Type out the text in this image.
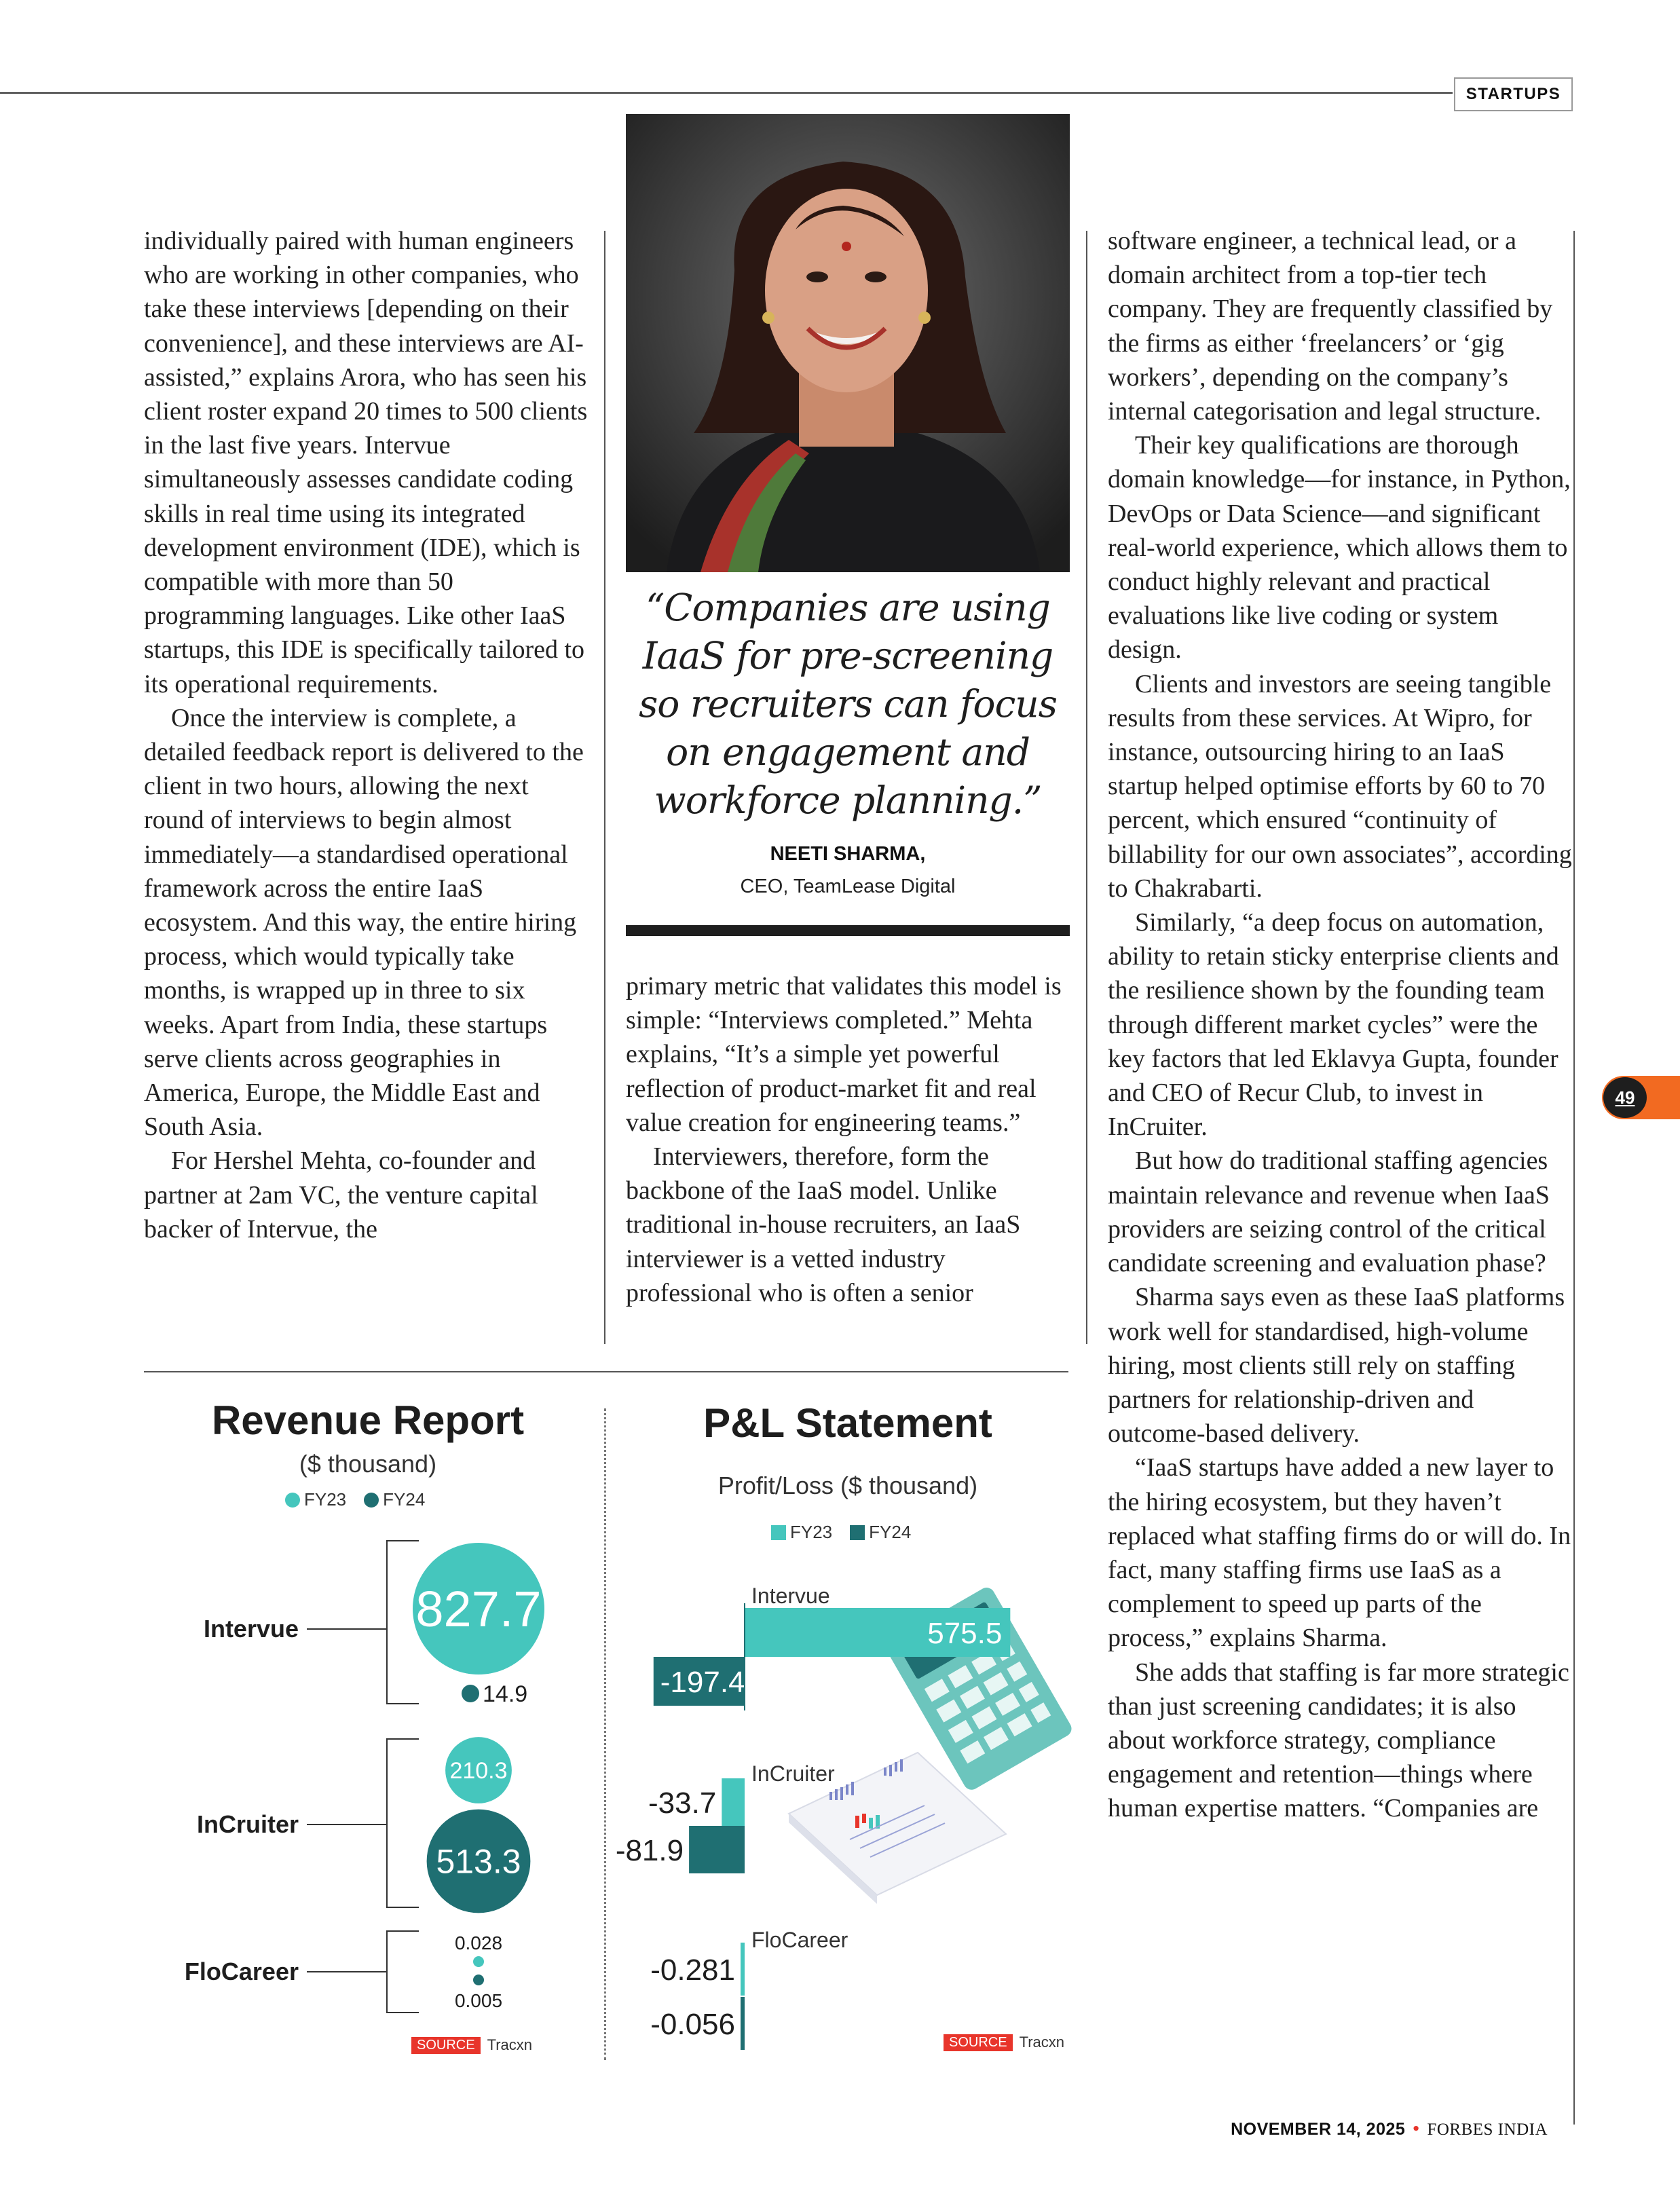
STARTUPS

individually paired with human engineers who are working in other companies, who take these interviews [depending on their convenience], and these interviews are AI-assisted,” explains Arora, who has seen his client roster expand 20 times to 500 clients in the last five years. Intervue simultaneously assesses candidate coding skills in real time using its integrated development environment (IDE), which is compatible with more than 50 programming languages. Like other IaaS startups, this IDE is specifically tailored to its operational requirements.

Once the interview is complete, a detailed feedback report is delivered to the client in two hours, allowing the next round of interviews to begin almost immediately—a standardised operational framework across the entire IaaS ecosystem. And this way, the entire hiring process, which would typically take months, is wrapped up in three to six weeks. Apart from India, these startups serve clients across geographies in America, Europe, the Middle East and South Asia.

For Hershel Mehta, co-founder and partner at 2am VC, the venture capital backer of Intervue, the

“Companies are using IaaS for pre-screening so recruiters can focus on engagement and workforce planning.”
NEETI SHARMA,
CEO, TeamLease Digital

primary metric that validates this model is simple: “Interviews completed.” Mehta explains, “It’s a simple yet powerful reflection of product-market fit and real value creation for engineering teams.”

Interviewers, therefore, form the backbone of the IaaS model. Unlike traditional in-house recruiters, an IaaS interviewer is a vetted industry professional who is often a senior

software engineer, a technical lead, or a domain architect from a top-tier tech company. They are frequently classified by the firms as either ‘freelancers’ or ‘gig workers’, depending on the company’s internal categorisation and legal structure.

Their key qualifications are thorough domain knowledge—for instance, in Python, DevOps or Data Science—and significant real-world experience, which allows them to conduct highly relevant and practical evaluations like live coding or system design.

Clients and investors are seeing tangible results from these services. At Wipro, for instance, outsourcing hiring to an IaaS startup helped optimise efforts by 60 to 70 percent, which ensured “continuity of billability for our own associates”, according to Chakrabarti.

Similarly, “a deep focus on automation, ability to retain sticky enterprise clients and the resilience shown by the founding team through different market cycles” were the key factors that led Eklavya Gupta, founder and CEO of Recur Club, to invest in InCruiter.

But how do traditional staffing agencies maintain relevance and revenue when IaaS providers are seizing control of the critical candidate screening and evaluation phase?

Sharma says even as these IaaS platforms work well for standardised, high-volume hiring, most clients still rely on staffing partners for relationship-driven and outcome-based delivery.

“IaaS startups have added a new layer to the hiring ecosystem, but they haven’t replaced what staffing firms do or will do. In fact, many staffing firms use IaaS as a complement to speed up parts of the process,” explains Sharma.

She adds that staffing is far more strategic than just screening candidates; it is also about workforce strategy, compliance engagement and retention—things where human expertise matters. “Companies are

Revenue Report
($ thousand)
FY23 FY24
Intervue 827.7
14.9
InCruiter
210.3
513.3
FloCareer
0.028
0.005
SOURCE Tracxn
P&L Statement
Profit/Loss ($ thousand)
FY23 FY24
Intervue
575.5
-197.4
InCruiter
-33.7
-81.9
FloCareer
-0.281
-0.056
SOURCE Tracxn
49
NOVEMBER 14, 2025 • FORBES INDIA
